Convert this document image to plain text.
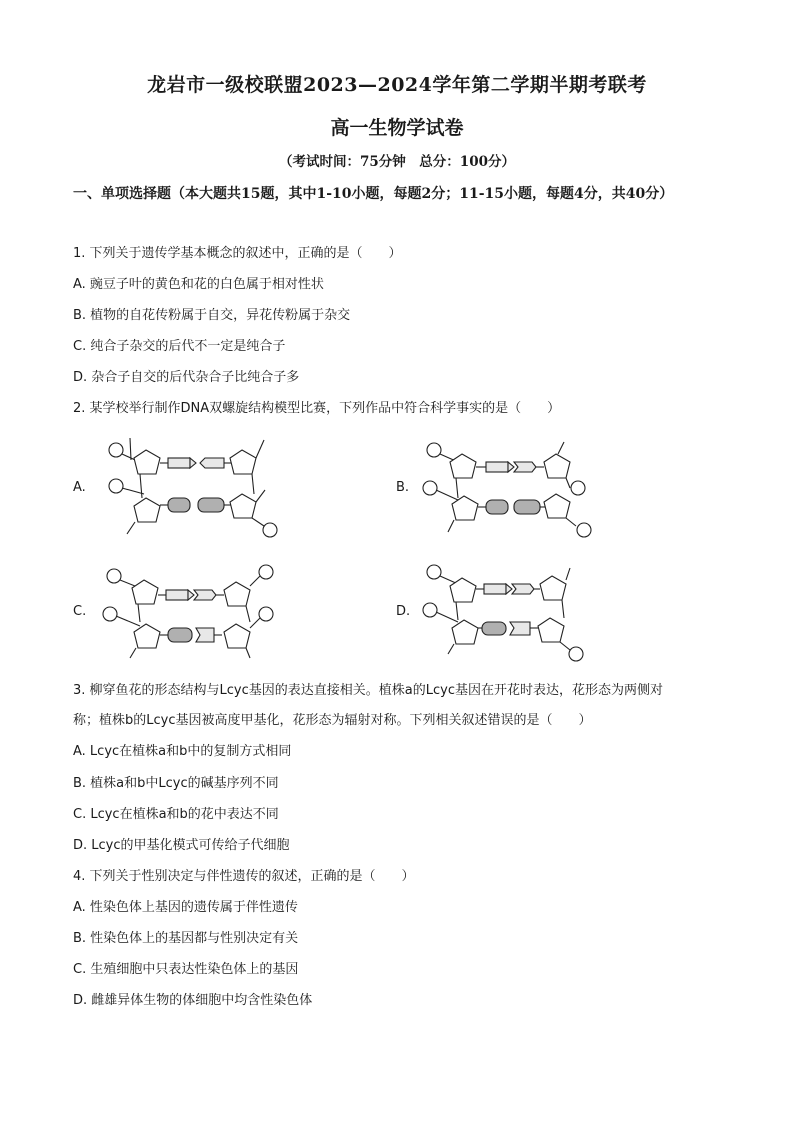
龙岩市一级校联盟2023—2024学年第二学期半期考联考
高一生物学试卷
（考试时间：75分钟　总分：100分）
一、单项选择题（本大题共15题，其中1-10小题，每题2分；11-15小题，每题4分，共40分）
1. 下列关于遗传学基本概念的叙述中，正确的是（　　）
A. 豌豆子叶的黄色和花的白色属于相对性状
B. 植物的自花传粉属于自交，异花传粉属于杂交
C. 纯合子杂交的后代不一定是纯合子
D. 杂合子自交的后代杂合子比纯合子多
2. 某学校举行制作DNA双螺旋结构模型比赛，下列作品中符合科学事实的是（　　）
A.	B.
C.	D.
3. 柳穿鱼花的形态结构与Lcyc基因的表达直接相关。植株a的Lcyc基因在开花时表达，花形态为两侧对
称；植株b的Lcyc基因被高度甲基化，花形态为辐射对称。下列相关叙述错误的是（　　）
A. Lcyc在植株a和b中的复制方式相同
B. 植株a和b中Lcyc的碱基序列不同
C. Lcyc在植株a和b的花中表达不同
D. Lcyc的甲基化模式可传给子代细胞
4. 下列关于性别决定与伴性遗传的叙述，正确的是（　　）
A. 性染色体上基因的遗传属于伴性遗传
B. 性染色体上的基因都与性别决定有关
C. 生殖细胞中只表达性染色体上的基因
D. 雌雄异体生物的体细胞中均含性染色体
